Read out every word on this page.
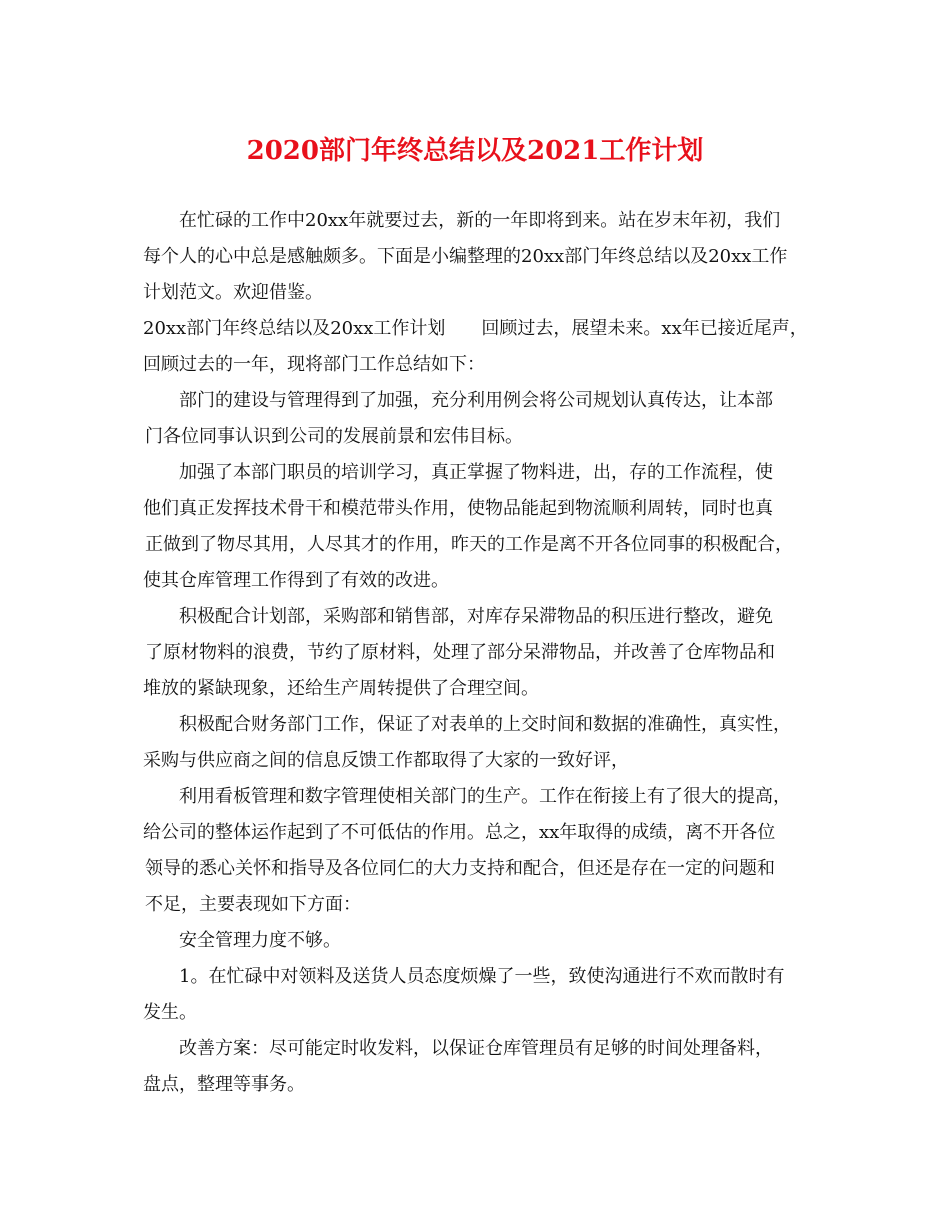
2020部门年终总结以及2021工作计划
在忙碌的工作中20xx年就要过去，新的一年即将到来。站在岁末年初，我们
每个人的心中总是感触颇多。下面是小编整理的20xx部门年终总结以及20xx工作
计划范文。欢迎借鉴。
20xx部门年终总结以及20xx工作计划　　回顾过去，展望未来。xx年已接近尾声，
回顾过去的一年，现将部门工作总结如下：
部门的建设与管理得到了加强，充分利用例会将公司规划认真传达，让本部
门各位同事认识到公司的发展前景和宏伟目标。
加强了本部门职员的培训学习，真正掌握了物料进，出，存的工作流程，使
他们真正发挥技术骨干和模范带头作用，使物品能起到物流顺利周转，同时也真
正做到了物尽其用，人尽其才的作用，昨天的工作是离不开各位同事的积极配合，
使其仓库管理工作得到了有效的改进。
积极配合计划部，采购部和销售部，对库存呆滞物品的积压进行整改，避免
了原材物料的浪费，节约了原材料，处理了部分呆滞物品，并改善了仓库物品和
堆放的紧缺现象，还给生产周转提供了合理空间。
积极配合财务部门工作，保证了对表单的上交时间和数据的准确性，真实性，
采购与供应商之间的信息反馈工作都取得了大家的一致好评，
利用看板管理和数字管理使相关部门的生产。工作在衔接上有了很大的提高，
给公司的整体运作起到了不可低估的作用。总之，xx年取得的成绩，离不开各位
领导的悉心关怀和指导及各位同仁的大力支持和配合，但还是存在一定的问题和
不足，主要表现如下方面：
安全管理力度不够。
1。在忙碌中对领料及送货人员态度烦燥了一些，致使沟通进行不欢而散时有
发生。
改善方案：尽可能定时收发料，以保证仓库管理员有足够的时间处理备料，
盘点，整理等事务。
